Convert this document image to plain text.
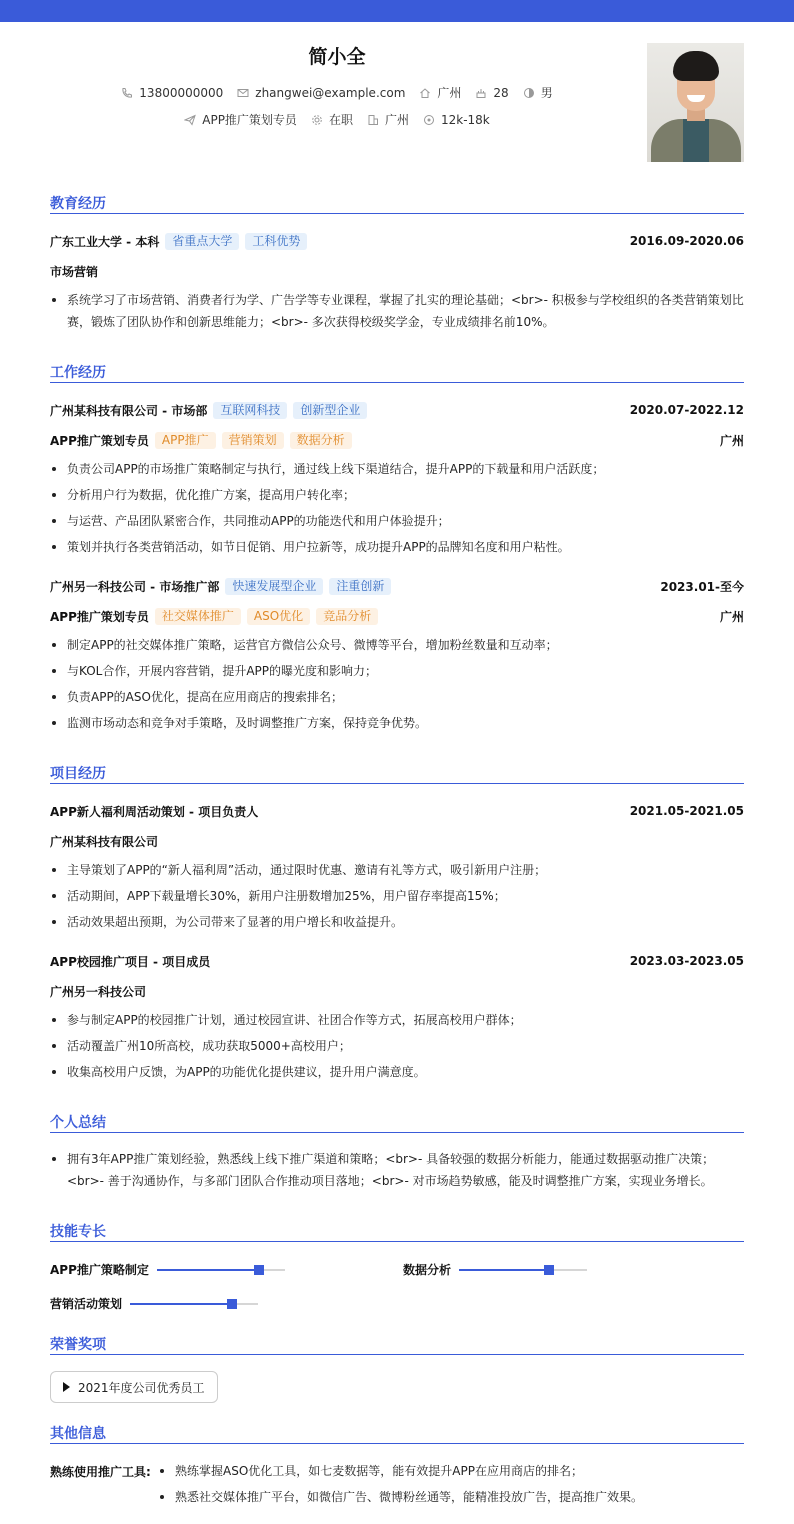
简小全
13800000000	zhangwei@example.com	广州	28	男
APP推广策划专员	在职	广州	12k-18k
教育经历
广东工业大学 - 本科	省重点大学	工科优势	2016.09-2020.06
市场营销
系统学习了市场营销、消费者行为学、广告学等专业课程，掌握了扎实的理论基础；<br>- 积极参与学校组织的各类营销策划比赛，锻炼了团队协作和创新思维能力；<br>- 多次获得校级奖学金，专业成绩排名前10%。
工作经历
广州某科技有限公司 - 市场部	互联网科技	创新型企业	2020.07-2022.12
APP推广策划专员	APP推广	营销策划	数据分析	广州
负责公司APP的市场推广策略制定与执行，通过线上线下渠道结合，提升APP的下载量和用户活跃度；
分析用户行为数据，优化推广方案，提高用户转化率；
与运营、产品团队紧密合作，共同推动APP的功能迭代和用户体验提升；
策划并执行各类营销活动，如节日促销、用户拉新等，成功提升APP的品牌知名度和用户粘性。
广州另一科技公司 - 市场推广部	快速发展型企业	注重创新	2023.01-至今
APP推广策划专员	社交媒体推广	ASO优化	竞品分析	广州
制定APP的社交媒体推广策略，运营官方微信公众号、微博等平台，增加粉丝数量和互动率；
与KOL合作，开展内容营销，提升APP的曝光度和影响力；
负责APP的ASO优化，提高在应用商店的搜索排名；
监测市场动态和竞争对手策略，及时调整推广方案，保持竞争优势。
项目经历
APP新人福利周活动策划 - 项目负责人	2021.05-2021.05
广州某科技有限公司
主导策划了APP的“新人福利周”活动，通过限时优惠、邀请有礼等方式，吸引新用户注册；
活动期间，APP下载量增长30%，新用户注册数增加25%，用户留存率提高15%；
活动效果超出预期，为公司带来了显著的用户增长和收益提升。
APP校园推广项目 - 项目成员	2023.03-2023.05
广州另一科技公司
参与制定APP的校园推广计划，通过校园宣讲、社团合作等方式，拓展高校用户群体；
活动覆盖广州10所高校，成功获取5000+高校用户；
收集高校用户反馈，为APP的功能优化提供建议，提升用户满意度。
个人总结
拥有3年APP推广策划经验，熟悉线上线下推广渠道和策略；<br>- 具备较强的数据分析能力，能通过数据驱动推广决策；<br>- 善于沟通协作，与多部门团队合作推动项目落地；<br>- 对市场趋势敏感，能及时调整推广方案，实现业务增长。
技能专长
APP推广策略制定	数据分析
营销活动策划
荣誉奖项
2021年度公司优秀员工
其他信息
熟练使用推广工具:	熟练掌握ASO优化工具，如七麦数据等，能有效提升APP在应用商店的排名；
熟悉社交媒体推广平台，如微信广告、微博粉丝通等，能精准投放广告，提高推广效果。
